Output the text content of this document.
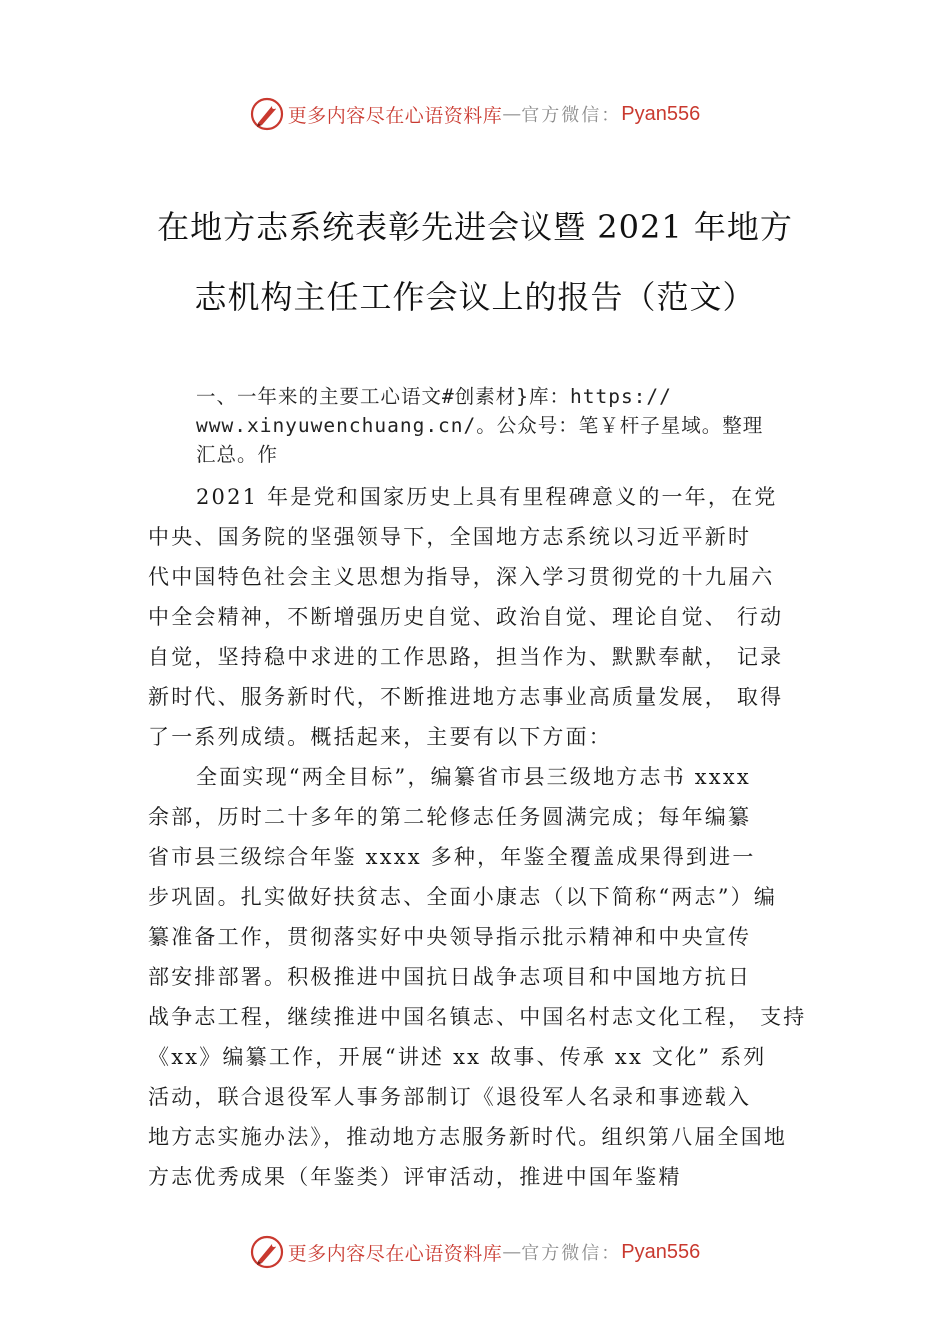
更多内容尽在心语资料库 — 官方微信： Pyan556
在地方志系统表彰先进会议暨 2021 年地方
志机构主任工作会议上的报告（范文）
一、一年来的主要工心语文#创素材}库：https://
www.xinyuwenchuang.cn/。公众号：笔￥杆子星域。整理
汇总。作
2021 年是党和国家历史上具有里程碑意义的一年，在党
中央、国务院的坚强领导下，全国地方志系统以习近平新时
代中国特色社会主义思想为指导，深入学习贯彻党的十九届六
中全会精神，不断增强历史自觉、政治自觉、理论自觉、 行动
自觉，坚持稳中求进的工作思路，担当作为、默默奉献， 记录
新时代、服务新时代，不断推进地方志事业高质量发展， 取得
了一系列成绩。概括起来，主要有以下方面：
全面实现“两全目标”，编纂省市县三级地方志书 xxxx
余部，历时二十多年的第二轮修志任务圆满完成；每年编纂
省市县三级综合年鉴 xxxx 多种，年鉴全覆盖成果得到进一
步巩固。扎实做好扶贫志、全面小康志（以下简称“两志”）编
纂准备工作，贯彻落实好中央领导指示批示精神和中央宣传
部安排部署。积极推进中国抗日战争志项目和中国地方抗日
战争志工程，继续推进中国名镇志、中国名村志文化工程， 支持
《xx》编纂工作，开展“讲述 xx 故事、传承 xx 文化” 系列
活动，联合退役军人事务部制订《退役军人名录和事迹载入
地方志实施办法》，推动地方志服务新时代。组织第八届全国地
方志优秀成果（年鉴类）评审活动，推进中国年鉴精
更多内容尽在心语资料库 — 官方微信： Pyan556
